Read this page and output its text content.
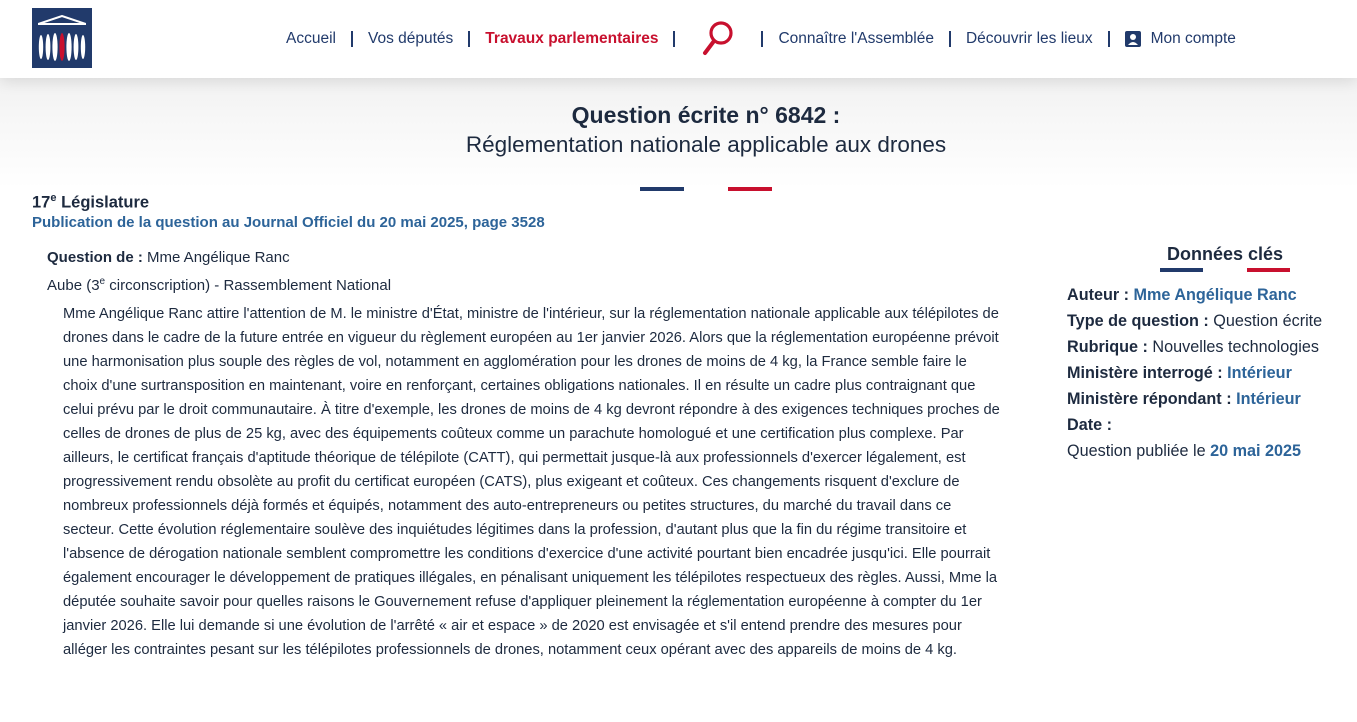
Accueil Vos députés Travaux parlementaires	Connaître l'Assemblée Découvrir les lieux	Mon compte
Question écrite n° 6842 :
Réglementation nationale applicable aux drones
17e Législature
Publication de la question au Journal Officiel du 20 mai 2025, page 3528
Question de : Mme Angélique Ranc
Aube (3e circonscription) - Rassemblement National
Mme Angélique Ranc attire l'attention de M. le ministre d'État, ministre de l'intérieur, sur la réglementation nationale applicable aux télépilotes de drones dans le cadre de la future entrée en vigueur du règlement européen au 1er janvier 2026. Alors que la réglementation européenne prévoit une harmonisation plus souple des règles de vol, notamment en agglomération pour les drones de moins de 4 kg, la France semble faire le choix d'une surtransposition en maintenant, voire en renforçant, certaines obligations nationales. Il en résulte un cadre plus contraignant que celui prévu par le droit communautaire. À titre d'exemple, les drones de moins de 4 kg devront répondre à des exigences techniques proches de celles de drones de plus de 25 kg, avec des équipements coûteux comme un parachute homologué et une certification plus complexe. Par ailleurs, le certificat français d'aptitude théorique de télépilote (CATT), qui permettait jusque-là aux professionnels d'exercer légalement, est progressivement rendu obsolète au profit du certificat européen (CATS), plus exigeant et coûteux. Ces changements risquent d'exclure de nombreux professionnels déjà formés et équipés, notamment des auto-entrepreneurs ou petites structures, du marché du travail dans ce secteur. Cette évolution réglementaire soulève des inquiétudes légitimes dans la profession, d'autant plus que la fin du régime transitoire et l'absence de dérogation nationale semblent compromettre les conditions d'exercice d'une activité pourtant bien encadrée jusqu'ici. Elle pourrait également encourager le développement de pratiques illégales, en pénalisant uniquement les télépilotes respectueux des règles. Aussi, Mme la députée souhaite savoir pour quelles raisons le Gouvernement refuse d'appliquer pleinement la réglementation européenne à compter du 1er janvier 2026. Elle lui demande si une évolution de l'arrêté « air et espace » de 2020 est envisagée et s'il entend prendre des mesures pour alléger les contraintes pesant sur les télépilotes professionnels de drones, notamment ceux opérant avec des appareils de moins de 4 kg.
Données clés
Auteur : Mme Angélique Ranc
Type de question : Question écrite
Rubrique : Nouvelles technologies
Ministère interrogé : Intérieur
Ministère répondant : Intérieur
Date :
Question publiée le 20 mai 2025
